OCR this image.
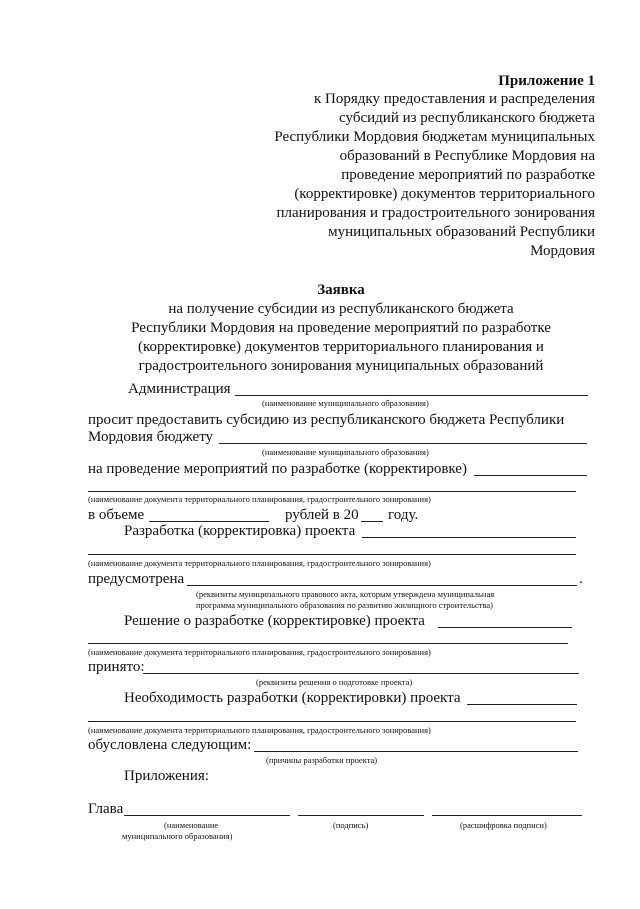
Приложение 1
к Порядку предоставления и распределения
субсидий из республиканского бюджета
Республики Мордовия бюджетам муниципальных
образований в Республике Мордовия на
проведение мероприятий по разработке
(корректировке) документов территориального
планирования и градостроительного зонирования
муниципальных образований Республики
Мордовия
Заявка
на получение субсидии из республиканского бюджета
Республики Мордовия на проведение мероприятий по разработке
(корректировке) документов территориального планирования и
градостроительного зонирования муниципальных образований
Администрация
(наименование муниципального образования)
просит предоставить субсидию из республиканского бюджета Республики
Мордовия бюджету
(наименование муниципального образования)
на проведение мероприятий по разработке (корректировке)
(наименование документа территориального планирования, градостроительного зонирования)
в объеме	рублей в 20 году.
Разработка (корректировка) проекта
(наименование документа территориального планирования, градостроительного зонирования)
предусмотрена	.
(реквизиты муниципального правового акта, которым утверждена муниципальная
программа муниципального образования по развитию жилищного строительства)
Решение о разработке (корректировке) проекта
(наименование документа территориального планирования, градостроительного зонирования)
принято:
(реквизиты решения о подготовке проекта)
Необходимость разработки (корректировки) проекта
(наименование документа территориального планирования, градостроительного зонирования)
обусловлена следующим:
(причины разработки проекта)
Приложения:
Глава
(наименование
муниципального образования)
(подпись)	(расшифровка подписи)
